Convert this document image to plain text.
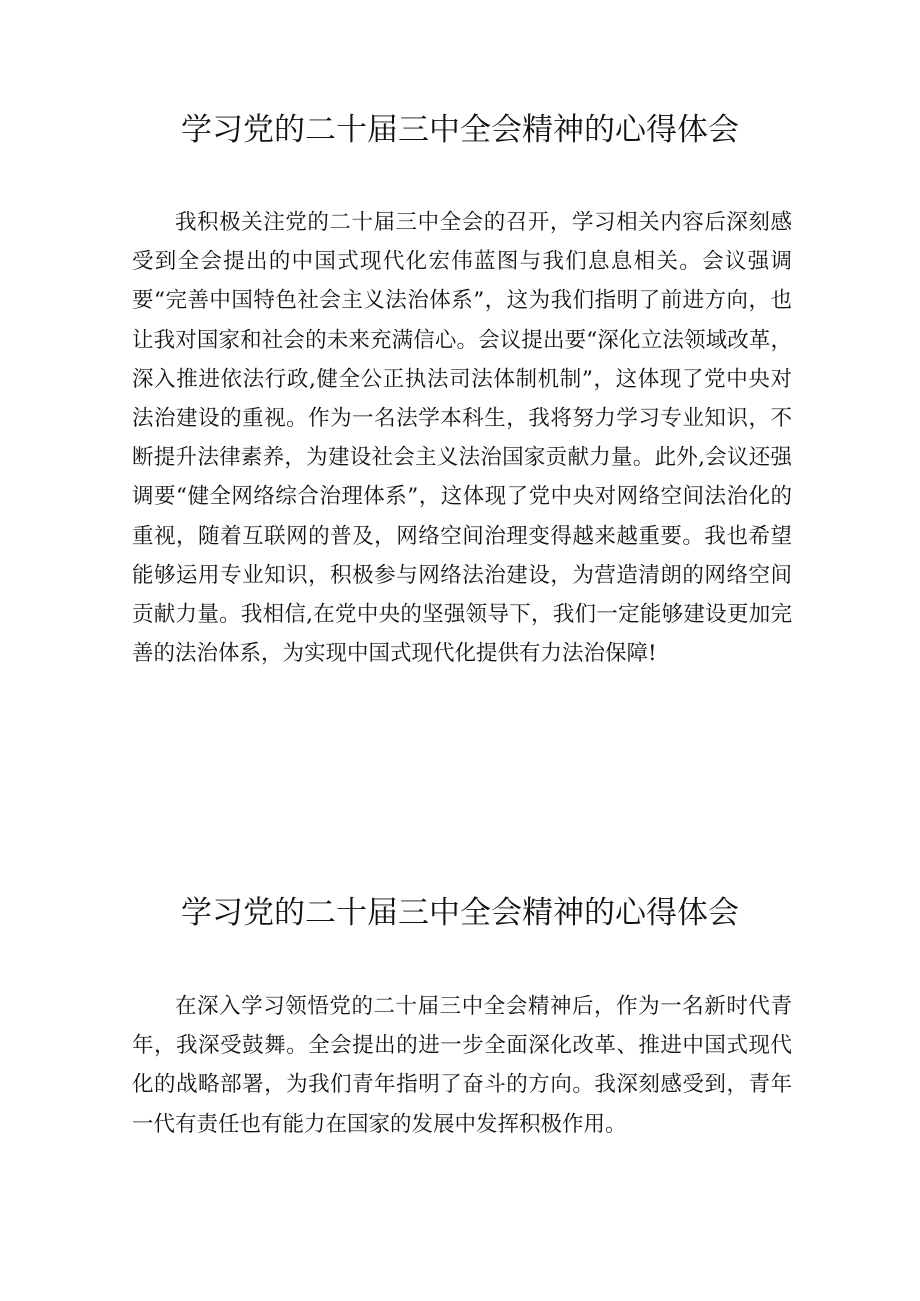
学习党的二十届三中全会精神的心得体会

我积极关注党的二十届三中全会的召开，学习相关内容后深刻感受到全会提出的中国式现代化宏伟蓝图与我们息息相关。会议强调要“完善中国特色社会主义法治体系”，这为我们指明了前进方向，也让我对国家和社会的未来充满信心。会议提出要“深化立法领域改革，深入推进依法行政,健全公正执法司法体制机制”，这体现了党中央对法治建设的重视。作为一名法学本科生，我将努力学习专业知识，不断提升法律素养，为建设社会主义法治国家贡献力量。此外,会议还强调要“健全网络综合治理体系”，这体现了党中央对网络空间法治化的重视，随着互联网的普及，网络空间治理变得越来越重要。我也希望能够运用专业知识，积极参与网络法治建设，为营造清朗的网络空间贡献力量。我相信,在党中央的坚强领导下，我们一定能够建设更加完善的法治体系，为实现中国式现代化提供有力法治保障!

学习党的二十届三中全会精神的心得体会

在深入学习领悟党的二十届三中全会精神后，作为一名新时代青年，我深受鼓舞。全会提出的进一步全面深化改革、推进中国式现代化的战略部署，为我们青年指明了奋斗的方向。我深刻感受到，青年一代有责任也有能力在国家的发展中发挥积极作用。
